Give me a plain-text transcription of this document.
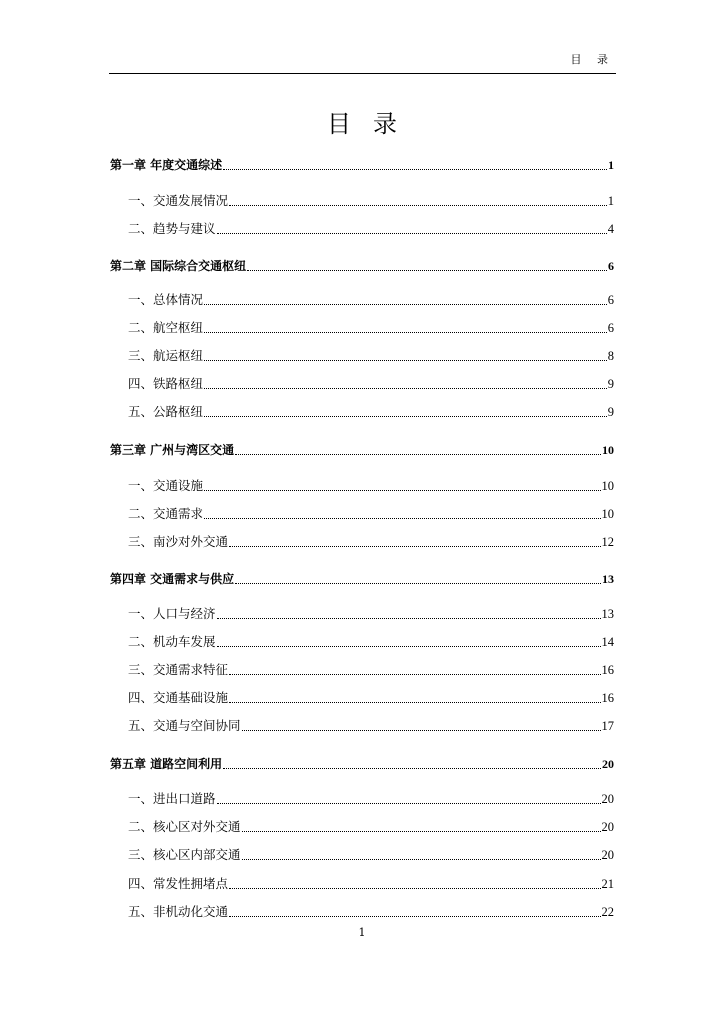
目 录
目录
第一章 年度交通综述	1
一、交通发展情况	1
二、趋势与建议	4
第二章 国际综合交通枢纽	6
一、总体情况	6
二、航空枢纽	6
三、航运枢纽	8
四、铁路枢纽	9
五、公路枢纽	9
第三章 广州与湾区交通	10
一、交通设施	10
二、交通需求	10
三、南沙对外交通	12
第四章 交通需求与供应	13
一、人口与经济	13
二、机动车发展	14
三、交通需求特征	16
四、交通基础设施	16
五、交通与空间协同	17
第五章 道路空间利用	20
一、进出口道路	20
二、核心区对外交通	20
三、核心区内部交通	20
四、常发性拥堵点	21
五、非机动化交通	22
1
